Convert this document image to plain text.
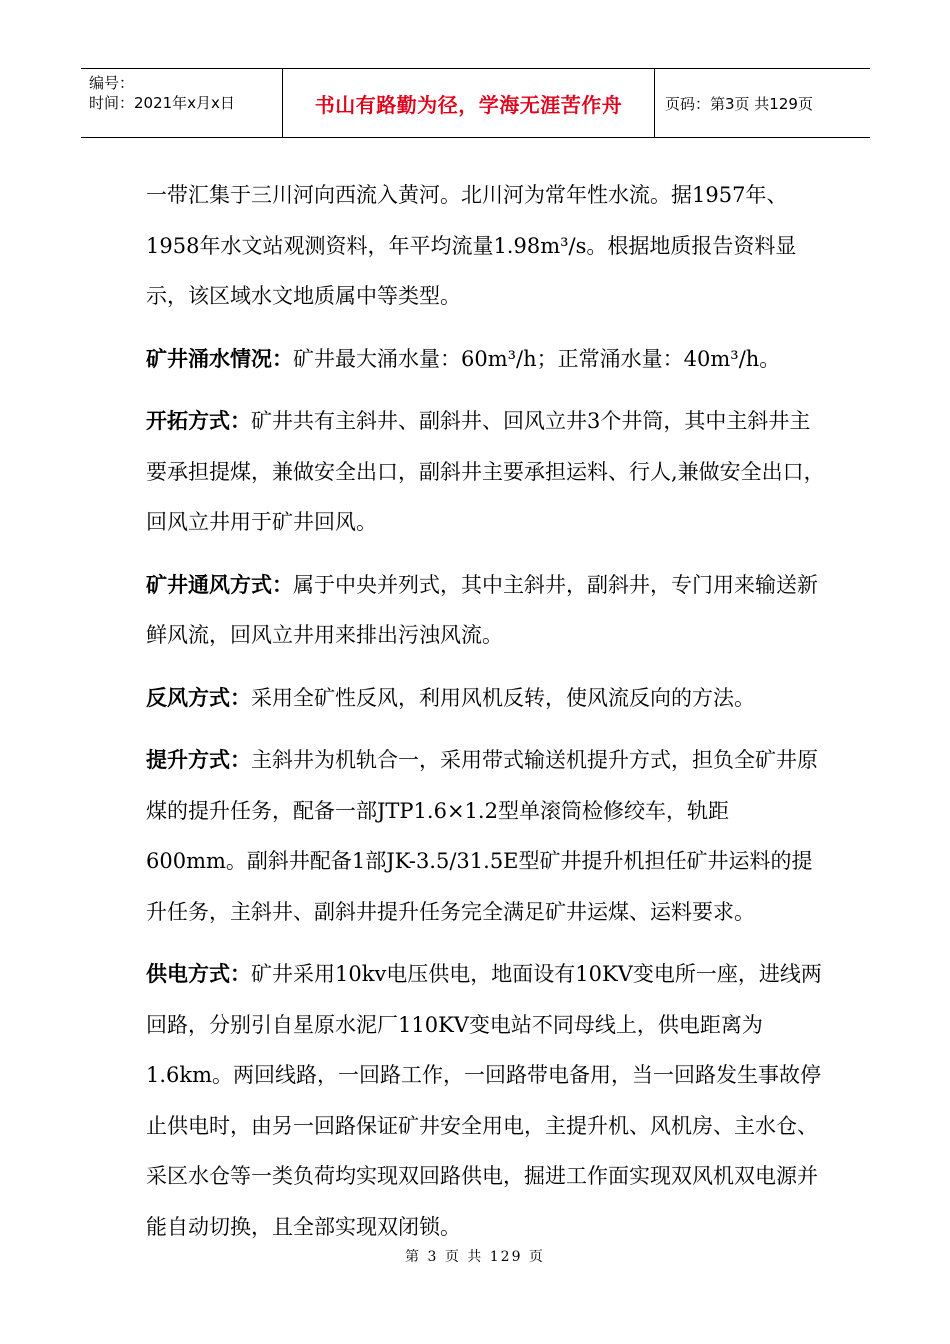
编号：
时间：2021年x月x日	书山有路勤为径，学海无涯苦作舟	页码：第3页 共129页

一带汇集于三川河向西流入黄河。北川河为常年性水流。据1957年、1958年水文站观测资料，年平均流量1.98m³/s。根据地质报告资料显示，该区域水文地质属中等类型。

矿井涌水情况：矿井最大涌水量：60m³/h；正常涌水量：40m³/h。

开拓方式：矿井共有主斜井、副斜井、回风立井3个井筒，其中主斜井主要承担提煤，兼做安全出口，副斜井主要承担运料、行人,兼做安全出口，回风立井用于矿井回风。

矿井通风方式：属于中央并列式，其中主斜井，副斜井，专门用来输送新鲜风流，回风立井用来排出污浊风流。

反风方式：采用全矿性反风，利用风机反转，使风流反向的方法。

提升方式：主斜井为机轨合一，采用带式输送机提升方式，担负全矿井原煤的提升任务，配备一部JTP1.6×1.2型单滚筒检修绞车，轨距600mm。副斜井配备1部JK-3.5/31.5E型矿井提升机担任矿井运料的提升任务，主斜井、副斜井提升任务完全满足矿井运煤、运料要求。

供电方式：矿井采用10kv电压供电，地面设有10KV变电所一座，进线两回路，分别引自星原水泥厂110KV变电站不同母线上，供电距离为1.6km。两回线路，一回路工作，一回路带电备用，当一回路发生事故停止供电时，由另一回路保证矿井安全用电，主提升机、风机房、主水仓、采区水仓等一类负荷均实现双回路供电，掘进工作面实现双风机双电源并能自动切换，且全部实现双闭锁。

第 3 页 共 129 页
